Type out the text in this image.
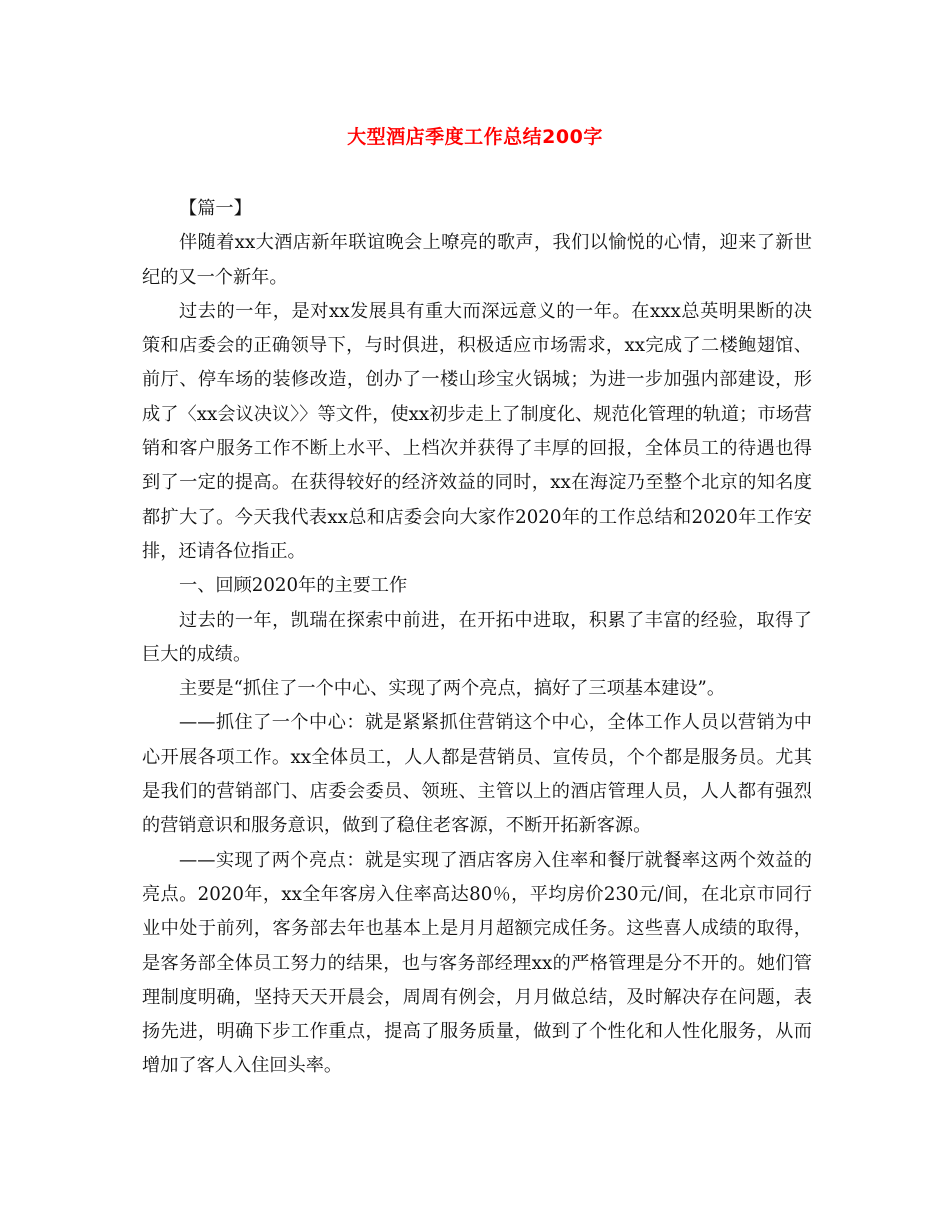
大型酒店季度工作总结200字

【篇一】

伴随着xx大酒店新年联谊晚会上嘹亮的歌声，我们以愉悦的心情，迎来了新世纪的又一个新年。

过去的一年，是对xx发展具有重大而深远意义的一年。在xxx总英明果断的决策和店委会的正确领导下，与时俱进，积极适应市场需求，xx完成了二楼鲍翅馆、前厅、停车场的装修改造，创办了一楼山珍宝火锅城；为进一步加强内部建设，形成了〈xx会议决议〉〉等文件，使xx初步走上了制度化、规范化管理的轨道；市场营销和客户服务工作不断上水平、上档次并获得了丰厚的回报，全体员工的待遇也得到了一定的提高。在获得较好的经济效益的同时，xx在海淀乃至整个北京的知名度都扩大了。今天我代表xx总和店委会向大家作2020年的工作总结和2020年工作安排，还请各位指正。

一、回顾2020年的主要工作

过去的一年，凯瑞在探索中前进，在开拓中进取，积累了丰富的经验，取得了巨大的成绩。

主要是“抓住了一个中心、实现了两个亮点，搞好了三项基本建设”。

——抓住了一个中心：就是紧紧抓住营销这个中心，全体工作人员以营销为中心开展各项工作。xx全体员工，人人都是营销员、宣传员，个个都是服务员。尤其是我们的营销部门、店委会委员、领班、主管以上的酒店管理人员，人人都有强烈的营销意识和服务意识，做到了稳住老客源，不断开拓新客源。

——实现了两个亮点：就是实现了酒店客房入住率和餐厅就餐率这两个效益的亮点。2020年，xx全年客房入住率高达80％，平均房价230元/间，在北京市同行业中处于前列，客务部去年也基本上是月月超额完成任务。这些喜人成绩的取得，是客务部全体员工努力的结果，也与客务部经理xx的严格管理是分不开的。她们管理制度明确，坚持天天开晨会，周周有例会，月月做总结，及时解决存在问题，表扬先进，明确下步工作重点，提高了服务质量，做到了个性化和人性化服务，从而增加了客人入住回头率。
